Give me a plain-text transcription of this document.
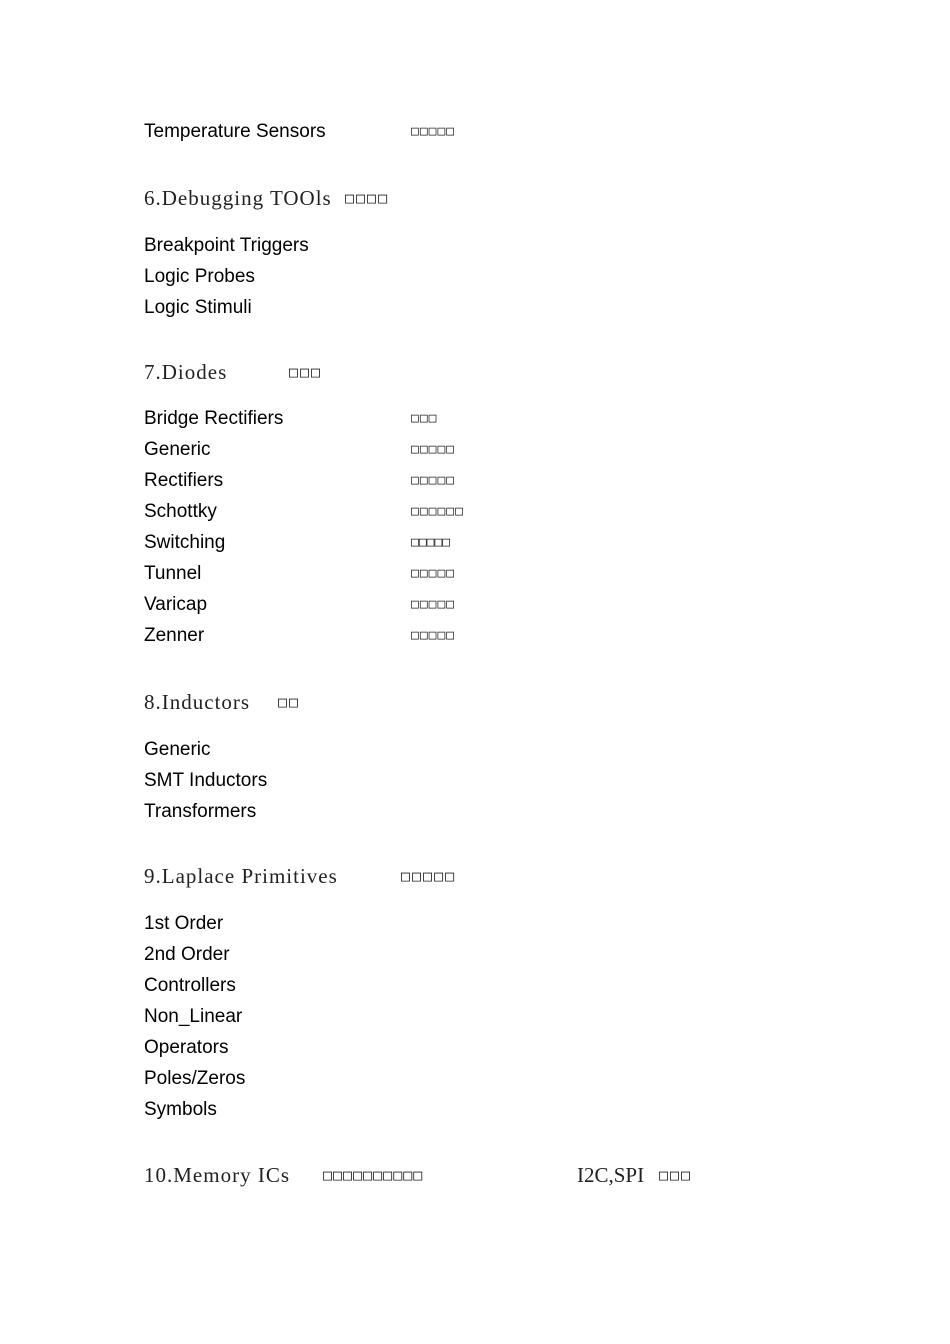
Temperature Sensors	□□□□□
6.Debugging TOOls □□□□
Breakpoint Triggers
Logic Probes
Logic Stimuli
7.Diodes	□□□
Bridge Rectifiers	□□□
Generic	□□□□□
Rectifiers	□□□□□
Schottky	□□□□□□
Switching	□□□□□
Tunnel	□□□□□
Varicap	□□□□□
Zenner	□□□□□
8.Inductors □□
Generic
SMT Inductors
Transformers
9.Laplace Primitives	□□□□□
1st Order
2nd Order
Controllers
Non_Linear
Operators
Poles/Zeros
Symbols
10.Memory ICs □□□□□□□□□□	I2C,SPI □□□
